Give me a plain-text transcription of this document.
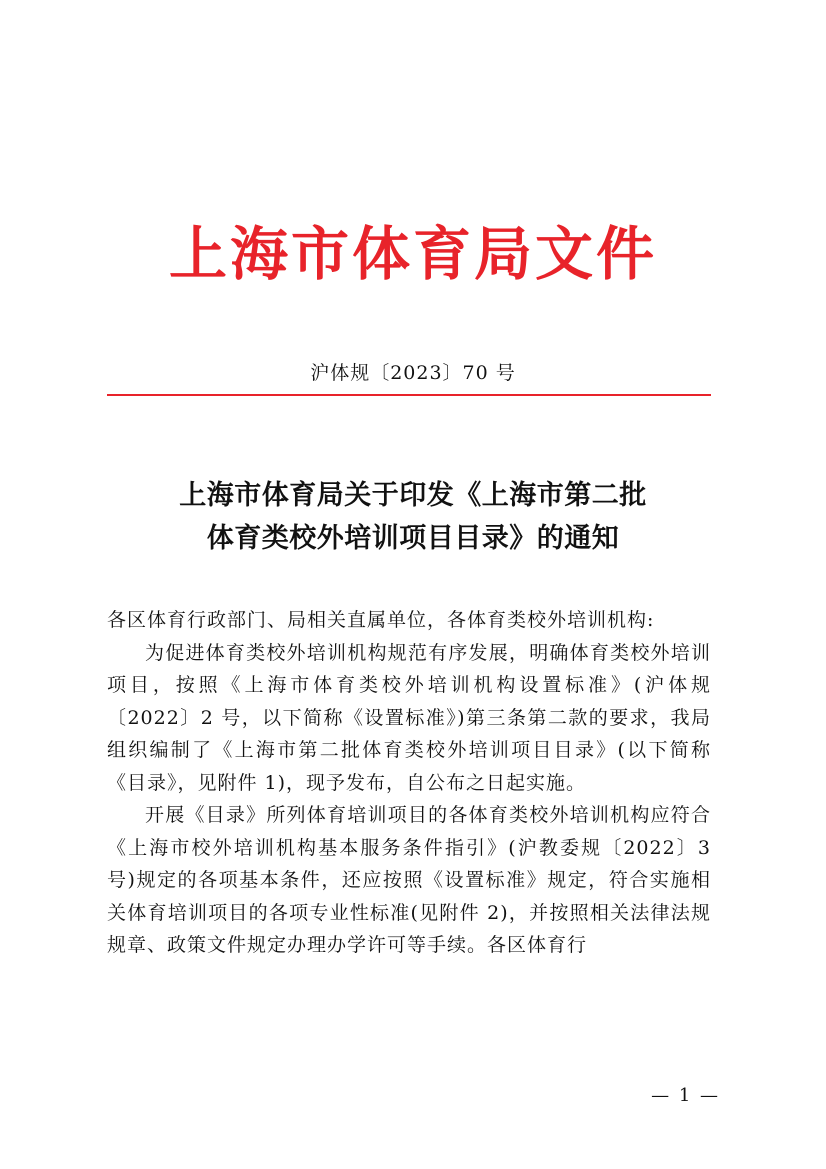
上海市体育局文件
沪体规〔2023〕70 号
上海市体育局关于印发《上海市第二批
体育类校外培训项目目录》的通知

各区体育行政部门、局相关直属单位，各体育类校外培训机构:

为促进体育类校外培训机构规范有序发展，明确体育类校外培训项目，按照《上海市体育类校外培训机构设置标准》(沪体规〔2022〕2 号，以下简称《设置标准》)第三条第二款的要求，我局组织编制了《上海市第二批体育类校外培训项目目录》(以下简称《目录》，见附件 1)，现予发布，自公布之日起实施。

开展《目录》所列体育培训项目的各体育类校外培训机构应符合《上海市校外培训机构基本服务条件指引》(沪教委规〔2022〕3 号)规定的各项基本条件，还应按照《设置标准》规定，符合实施相关体育培训项目的各项专业性标准(见附件 2)，并按照相关法律法规规章、政策文件规定办理办学许可等手续。各区体育行

— 1 —
